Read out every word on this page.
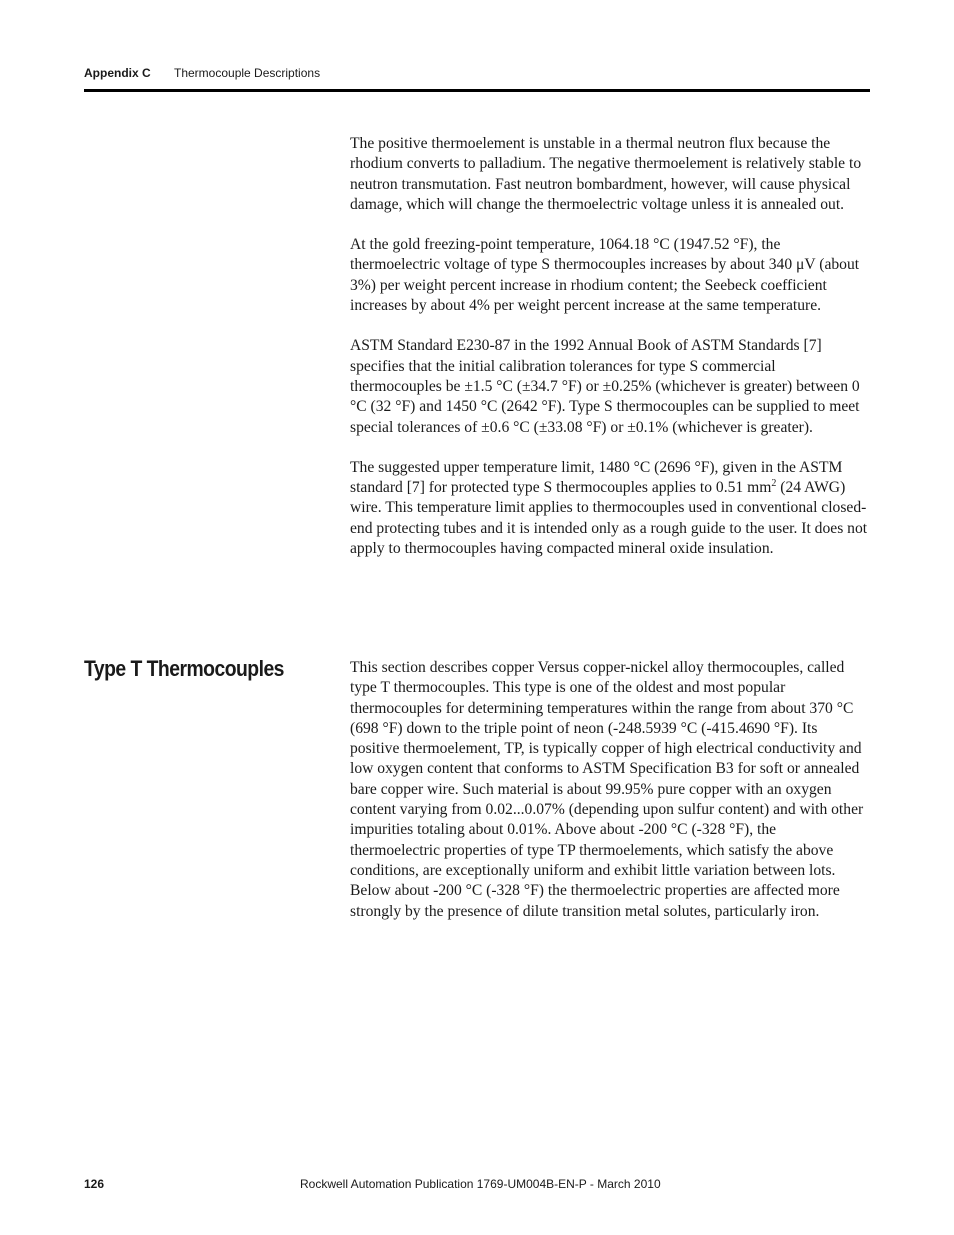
Appendix C Thermocouple Descriptions

The positive thermoelement is unstable in a thermal neutron flux because the rhodium converts to palladium. The negative thermoelement is relatively stable to neutron transmutation. Fast neutron bombardment, however, will cause physical damage, which will change the thermoelectric voltage unless it is annealed out.

At the gold freezing-point temperature, 1064.18 °C (1947.52 °F), the thermoelectric voltage of type S thermocouples increases by about 340 μV (about 3%) per weight percent increase in rhodium content; the Seebeck coefficient increases by about 4% per weight percent increase at the same temperature.

ASTM Standard E230-87 in the 1992 Annual Book of ASTM Standards [7] specifies that the initial calibration tolerances for type S commercial thermocouples be ±1.5 °C (±34.7 °F) or ±0.25% (whichever is greater) between 0 °C (32 °F) and 1450 °C (2642 °F). Type S thermocouples can be supplied to meet special tolerances of ±0.6 °C (±33.08 °F) or ±0.1% (whichever is greater).

The suggested upper temperature limit, 1480 °C (2696 °F), given in the ASTM standard [7] for protected type S thermocouples applies to 0.51 $mm^2$ (24 AWG) wire. This temperature limit applies to thermocouples used in conventional closed-end protecting tubes and it is intended only as a rough guide to the user. It does not apply to thermocouples having compacted mineral oxide insulation.

Type T Thermocouples	This section describes copper Versus copper-nickel alloy thermocouples, called type T thermocouples. This type is one of the oldest and most popular thermocouples for determining temperatures within the range from about 370 °C (698 °F) down to the triple point of neon (-248.5939 °C (-415.4690 °F). Its positive thermoelement, TP, is typically copper of high electrical conductivity and low oxygen content that conforms to ASTM Specification B3 for soft or annealed bare copper wire. Such material is about 99.95% pure copper with an oxygen content varying from 0.02...0.07% (depending upon sulfur content) and with other impurities totaling about 0.01%. Above about -200 °C (-328 °F), the thermoelectric properties of type TP thermoelements, which satisfy the above conditions, are exceptionally uniform and exhibit little variation between lots. Below about -200 °C (-328 °F) the thermoelectric properties are affected more strongly by the presence of dilute transition metal solutes, particularly iron.

126	Rockwell Automation Publication 1769-UM004B-EN-P - March 2010
